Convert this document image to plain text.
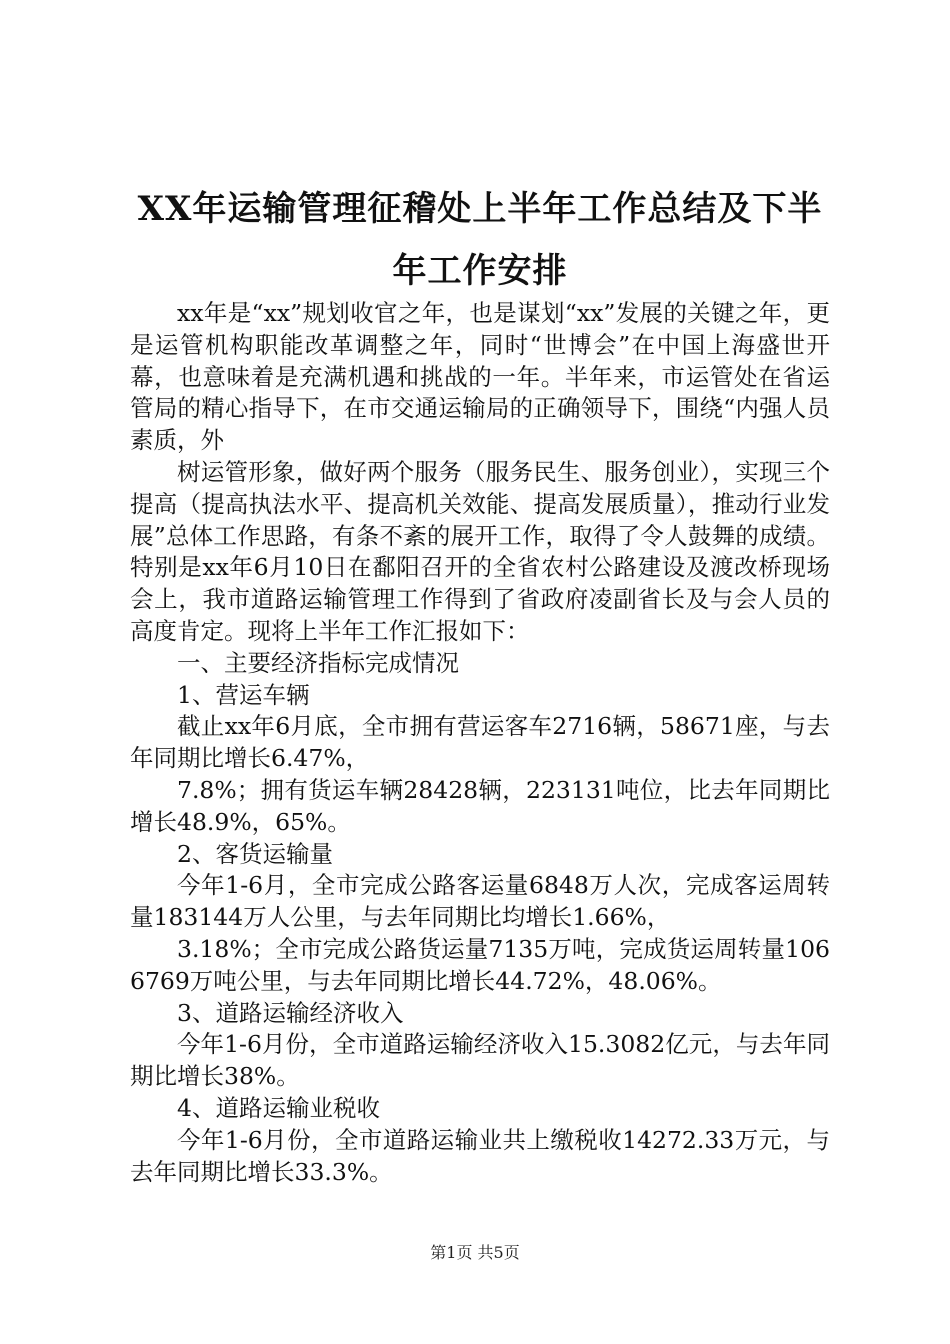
XX年运输管理征稽处上半年工作总结及下半
年工作安排

xx年是“xx”规划收官之年，也是谋划“xx”发展的关键之年，更是运管机构职能改革调整之年，同时“世博会”在中国上海盛世开幕，也意味着是充满机遇和挑战的一年。半年来，市运管处在省运管局的精心指导下，在市交通运输局的正确领导下，围绕“内强人员素质，外

树运管形象，做好两个服务（服务民生、服务创业），实现三个提高（提高执法水平、提高机关效能、提高发展质量），推动行业发展”总体工作思路，有条不紊的展开工作，取得了令人鼓舞的成绩。特别是xx年6月10日在鄱阳召开的全省农村公路建设及渡改桥现场会上，我市道路运输管理工作得到了省政府凌副省长及与会人员的高度肯定。现将上半年工作汇报如下：

一、主要经济指标完成情况

1、营运车辆

截止xx年6月底，全市拥有营运客车2716辆，58671座，与去年同期比增长6.47%，

7.8%；拥有货运车辆28428辆，223131吨位，比去年同期比增长48.9%，65%。

2、客货运输量

今年1-6月，全市完成公路客运量6848万人次，完成客运周转量183144万人公里，与去年同期比均增长1.66%，

3.18%；全市完成公路货运量7135万吨，完成货运周转量1066769万吨公里，与去年同期比增长44.72%，48.06%。

3、道路运输经济收入

今年1-6月份，全市道路运输经济收入15.3082亿元，与去年同期比增长38%。

4、道路运输业税收

今年1-6月份，全市道路运输业共上缴税收14272.33万元，与去年同期比增长33.3%。

第1页 共5页
